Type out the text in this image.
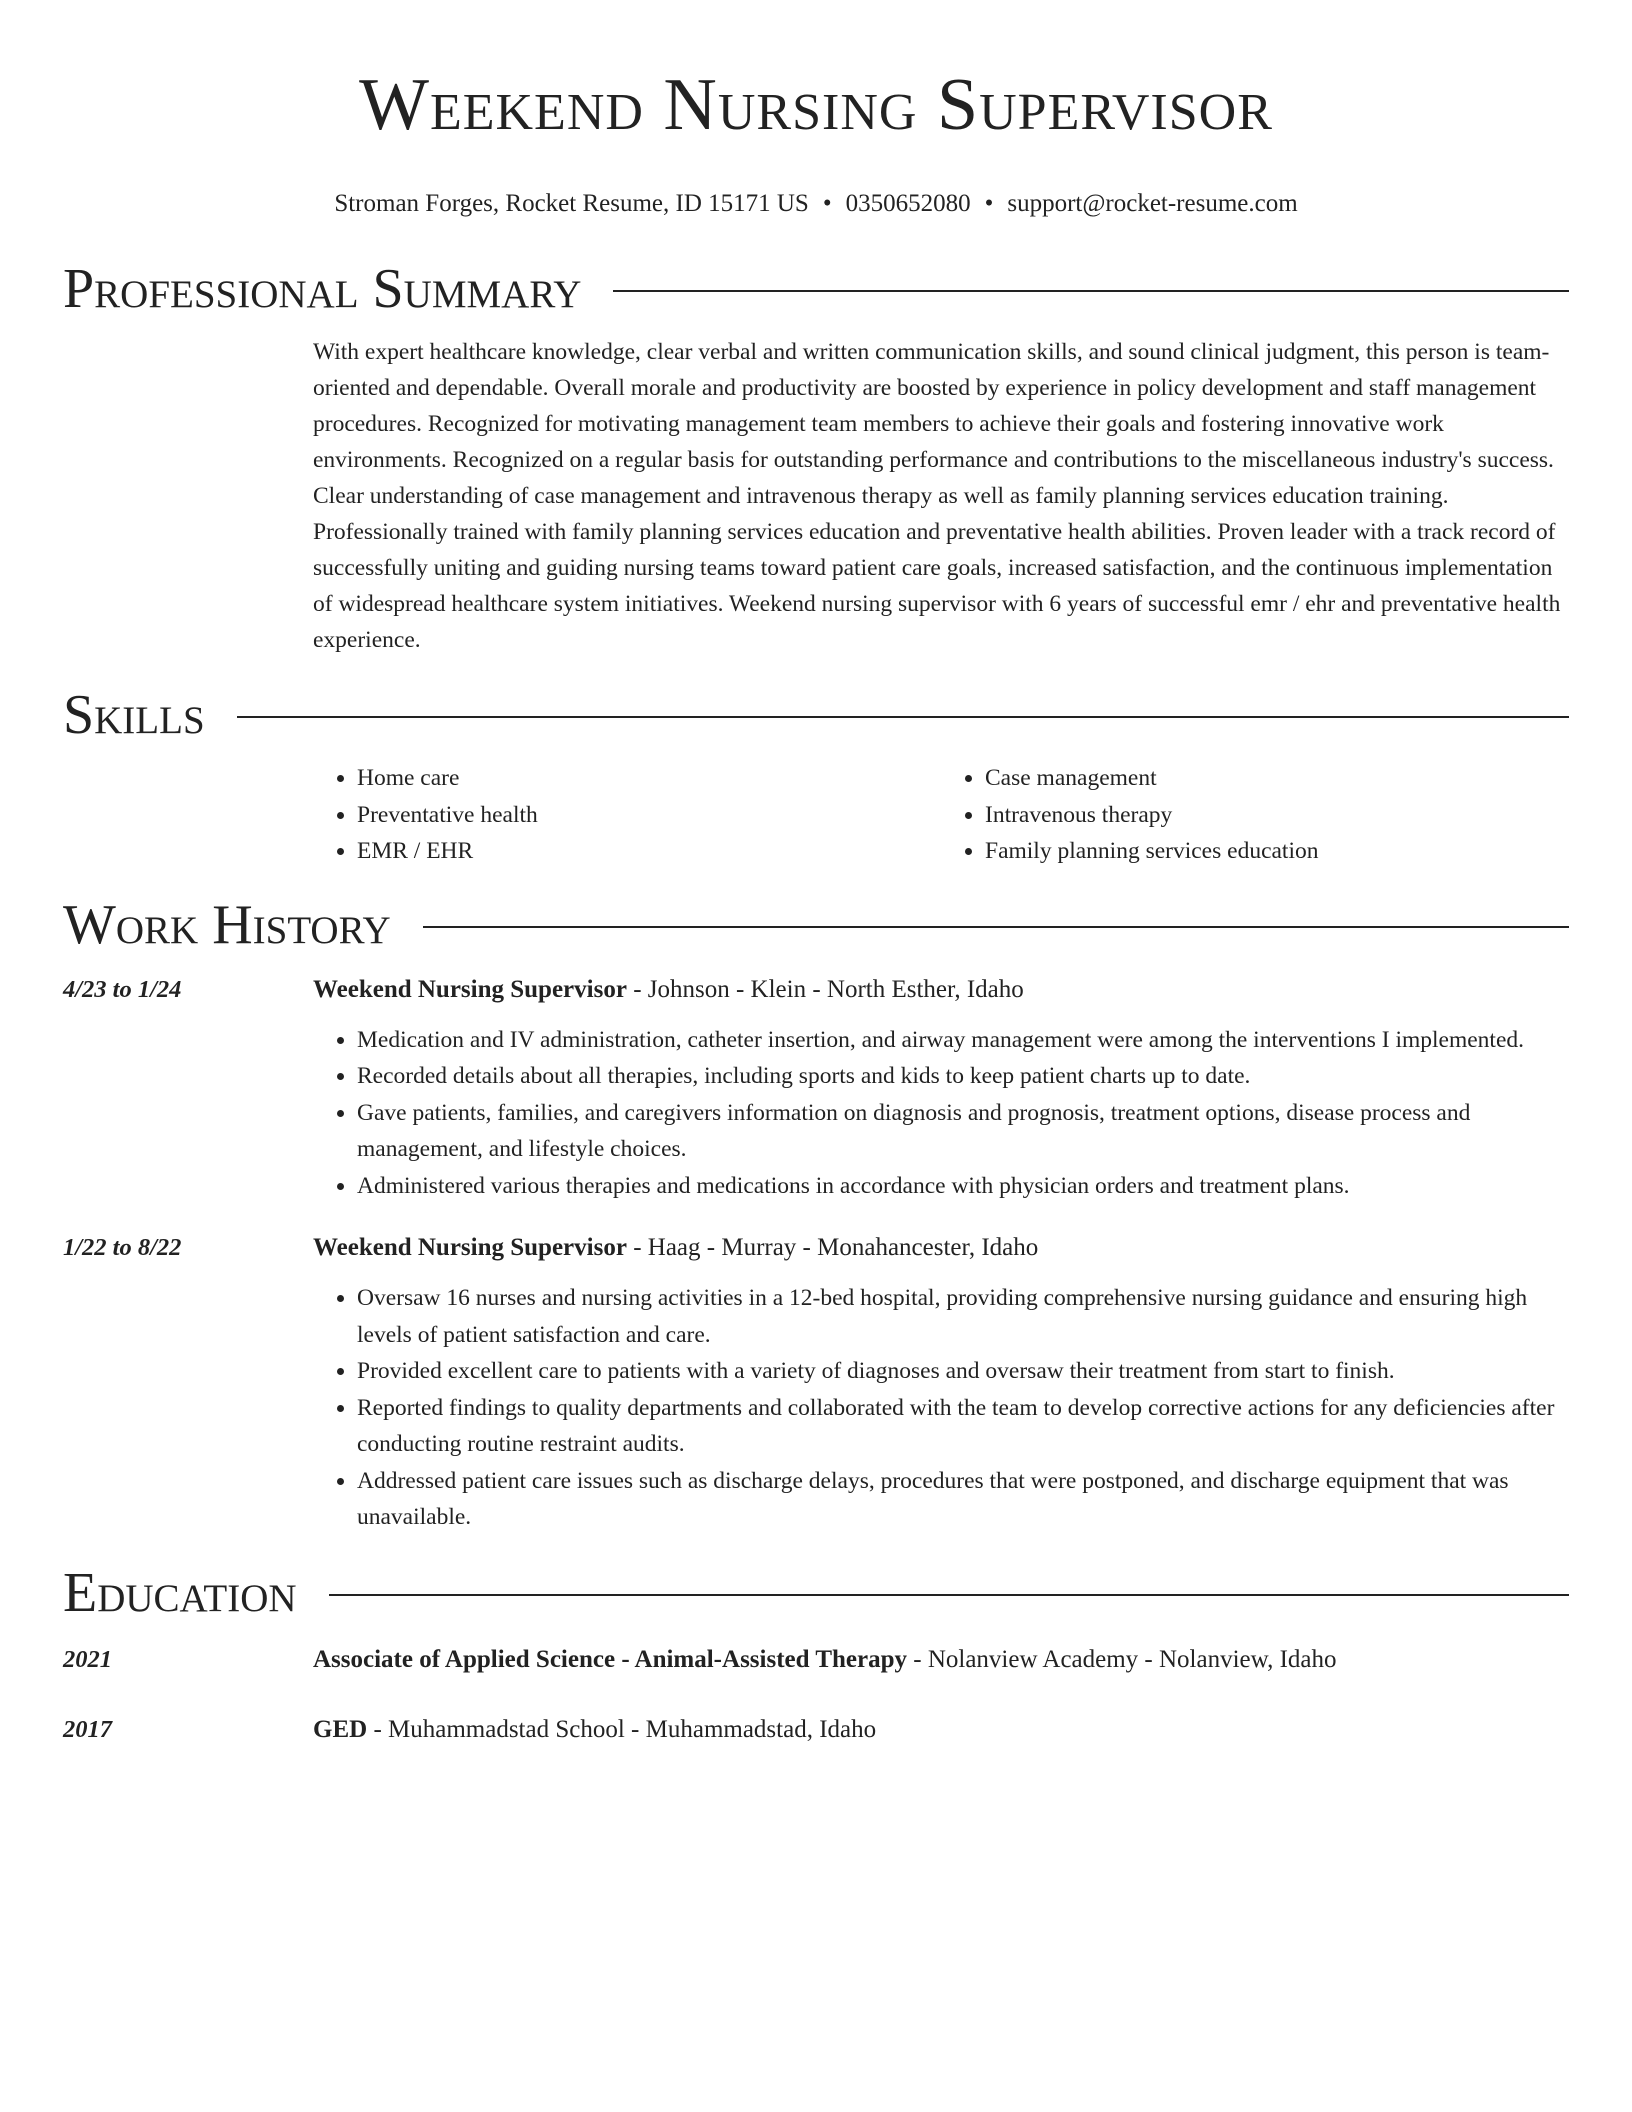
Weekend Nursing Supervisor
Stroman Forges, Rocket Resume, ID 15171 US • 0350652080 • support@rocket-resume.com
Professional Summary

With expert healthcare knowledge, clear verbal and written communication skills, and sound clinical judgment, this person is team-oriented and dependable. Overall morale and productivity are boosted by experience in policy development and staff management procedures. Recognized for motivating management team members to achieve their goals and fostering innovative work environments. Recognized on a regular basis for outstanding performance and contributions to the miscellaneous industry's success. Clear understanding of case management and intravenous therapy as well as family planning services education training. Professionally trained with family planning services education and preventative health abilities. Proven leader with a track record of successfully uniting and guiding nursing teams toward patient care goals, increased satisfaction, and the continuous implementation of widespread healthcare system initiatives. Weekend nursing supervisor with 6 years of successful emr / ehr and preventative health experience.

Skills
• Home care
• Preventative health
• EMR / EHR
• Case management
• Intravenous therapy
• Family planning services education
Work History
4/23 to 1/24	Weekend Nursing Supervisor - Johnson - Klein - North Esther, Idaho
• Medication and IV administration, catheter insertion, and airway management were among the interventions I implemented.
• Recorded details about all therapies, including sports and kids to keep patient charts up to date.
• Gave patients, families, and caregivers information on diagnosis and prognosis, treatment options, disease process and management, and lifestyle choices.
• Administered various therapies and medications in accordance with physician orders and treatment plans.
1/22 to 8/22	Weekend Nursing Supervisor - Haag - Murray - Monahancester, Idaho
• Oversaw 16 nurses and nursing activities in a 12-bed hospital, providing comprehensive nursing guidance and ensuring high levels of patient satisfaction and care.
• Provided excellent care to patients with a variety of diagnoses and oversaw their treatment from start to finish.
• Reported findings to quality departments and collaborated with the team to develop corrective actions for any deficiencies after conducting routine restraint audits.
• Addressed patient care issues such as discharge delays, procedures that were postponed, and discharge equipment that was unavailable.
Education
2021	Associate of Applied Science - Animal-Assisted Therapy - Nolanview Academy - Nolanview, Idaho
2017	GED - Muhammadstad School - Muhammadstad, Idaho
